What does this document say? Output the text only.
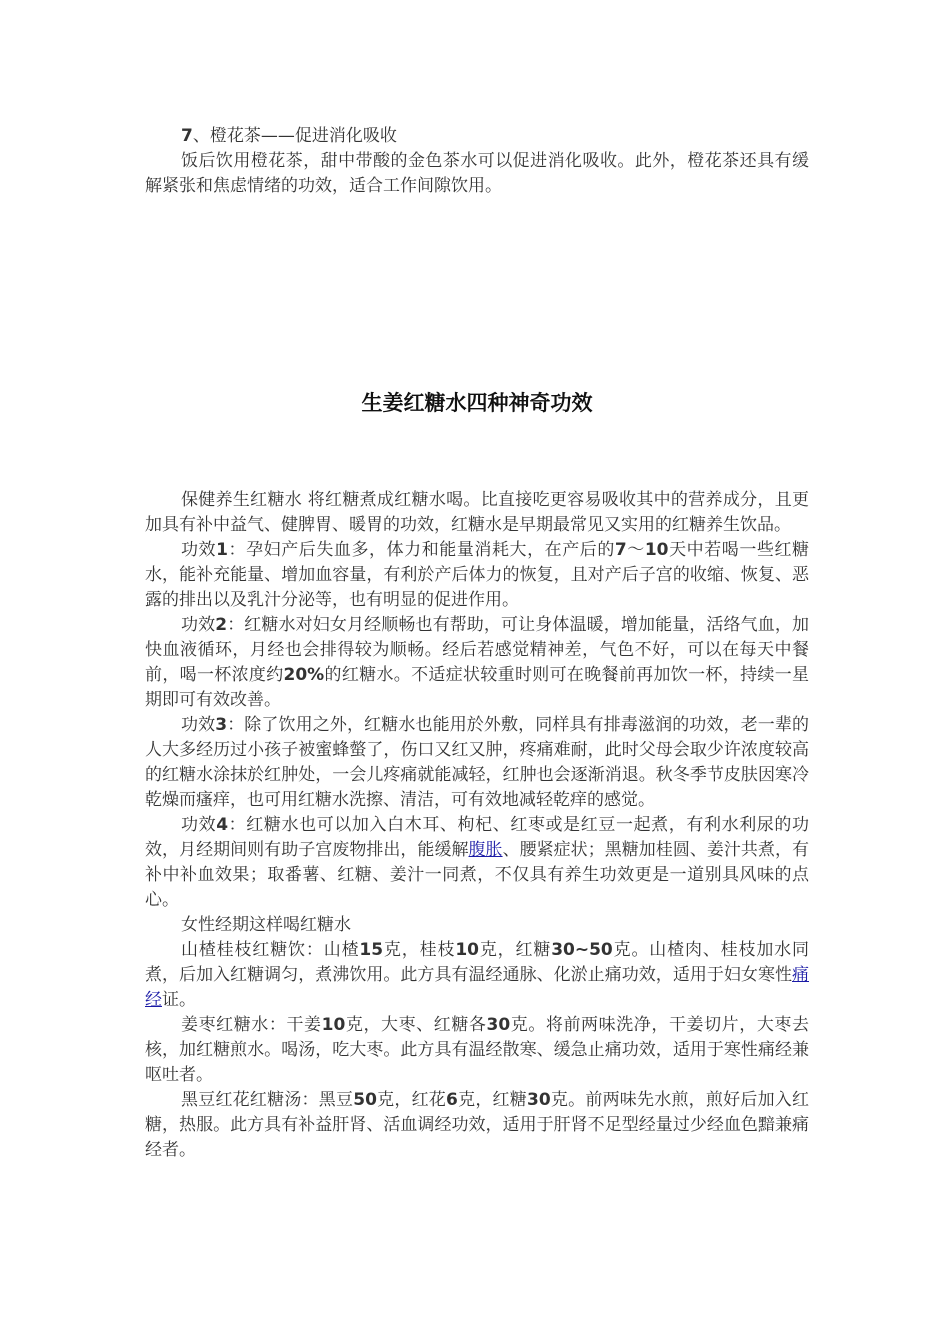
7、橙花茶——促进消化吸收

饭后饮用橙花茶，甜中带酸的金色茶水可以促进消化吸收。此外，橙花茶还具有缓解紧张和焦虑情绪的功效，适合工作间隙饮用。

生姜红糖水四种神奇功效

保健养生红糖水 将红糖煮成红糖水喝。比直接吃更容易吸收其中的营养成分，且更加具有补中益气、健脾胃、暖胃的功效，红糖水是早期最常见又实用的红糖养生饮品。

功效1：孕妇产后失血多，体力和能量消耗大，在产后的7～10天中若喝一些红糖水，能补充能量、增加血容量，有利於产后体力的恢复，且对产后子宫的收缩、恢复、恶露的排出以及乳汁分泌等，也有明显的促进作用。

功效2：红糖水对妇女月经顺畅也有帮助，可让身体温暖，增加能量，活络气血，加快血液循环，月经也会排得较为顺畅。经后若感觉精神差，气色不好，可以在每天中餐前，喝一杯浓度约20%的红糖水。不适症状较重时则可在晚餐前再加饮一杯，持续一星期即可有效改善。

功效3：除了饮用之外，红糖水也能用於外敷，同样具有排毒滋润的功效，老一辈的人大多经历过小孩子被蜜蜂螫了，伤口又红又肿，疼痛难耐，此时父母会取少许浓度较高的红糖水涂抹於红肿处，一会儿疼痛就能减轻，红肿也会逐渐消退。秋冬季节皮肤因寒冷乾燥而瘙痒，也可用红糖水洗擦、清洁，可有效地减轻乾痒的感觉。

功效4：红糖水也可以加入白木耳、枸杞、红枣或是红豆一起煮，有利水利尿的功效，月经期间则有助子宫废物排出，能缓解腹胀、腰紧症状；黑糖加桂圆、姜汁共煮，有补中补血效果；取番薯、红糖、姜汁一同煮，不仅具有养生功效更是一道别具风味的点心。

女性经期这样喝红糖水

山楂桂枝红糖饮：山楂15克，桂枝10克，红糖30~50克。山楂肉、桂枝加水同煮，后加入红糖调匀，煮沸饮用。此方具有温经通脉、化淤止痛功效，适用于妇女寒性痛经证。

姜枣红糖水：干姜10克，大枣、红糖各30克。将前两味洗净，干姜切片，大枣去核，加红糖煎水。喝汤，吃大枣。此方具有温经散寒、缓急止痛功效，适用于寒性痛经兼呕吐者。

黑豆红花红糖汤：黑豆50克，红花6克，红糖30克。前两味先水煎，煎好后加入红糖，热服。此方具有补益肝肾、活血调经功效，适用于肝肾不足型经量过少经血色黯兼痛经者。
